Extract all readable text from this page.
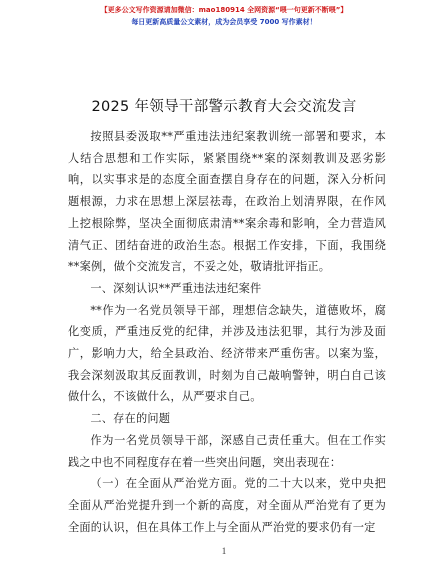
【更多公文写作资源请加微信：mao180914 全网资源“喂一句更新不断喂”】
每日更新高质量公文素材，成为会员享受 7000 写作素材！
2025 年领导干部警示教育大会交流发言

按照县委汲取**严重违法违纪案教训统一部署和要求，本人结合思想和工作实际，紧紧围绕**案的深刻教训及恶劣影响，以实事求是的态度全面查摆自身存在的问题，深入分析问题根源，力求在思想上深层祛毒，在政治上划清界限，在作风上挖根除弊，坚决全面彻底肃清**案余毒和影响，全力营造风清气正、团结奋进的政治生态。根据工作安排，下面，我围绕**案例，做个交流发言，不妥之处，敬请批评指正。

一、深刻认识**严重违法违纪案件

**作为一名党员领导干部，理想信念缺失，道德败坏，腐化变质，严重违反党的纪律，并涉及违法犯罪，其行为涉及面广，影响力大，给全县政治、经济带来严重伤害。以案为鉴，我会深刻汲取其反面教训，时刻为自己敲响警钟，明白自己该做什么，不该做什么，从严要求自己。

二、存在的问题

作为一名党员领导干部，深感自己责任重大。但在工作实践之中也不同程度存在着一些突出问题，突出表现在：

（一）在全面从严治党方面。党的二十大以来，党中央把全面从严治党提升到一个新的高度，对全面从严治党有了更为全面的认识，但在具体工作上与全面从严治党的要求仍有一定

1
